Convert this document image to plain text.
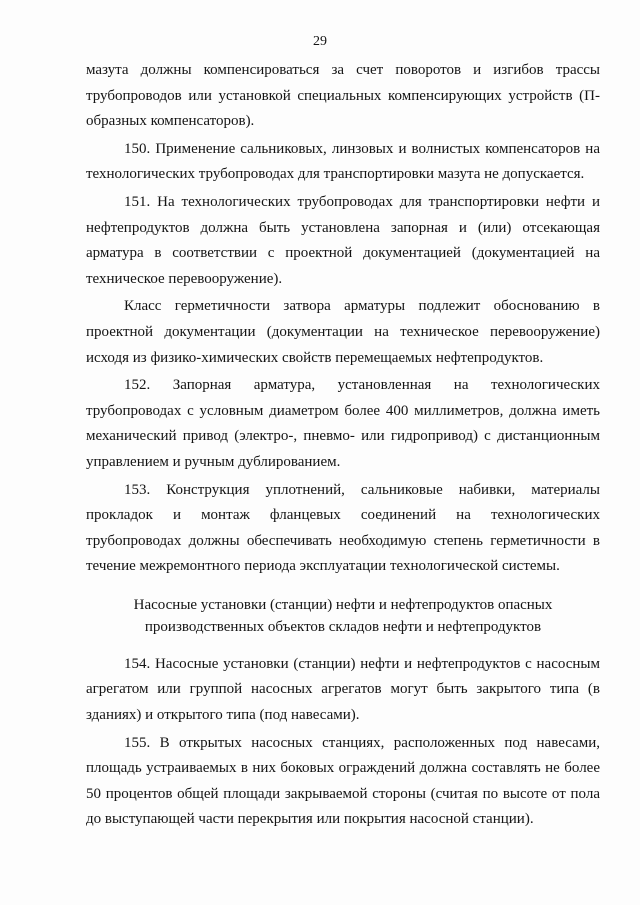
29

мазута должны компенсироваться за счет поворотов и изгибов трассы трубопроводов или установкой специальных компенсирующих устройств (П-образных компенсаторов).

150. Применение сальниковых, линзовых и волнистых компенсаторов на технологических трубопроводах для транспортировки мазута не допускается.

151. На технологических трубопроводах для транспортировки нефти и нефтепродуктов должна быть установлена запорная и (или) отсекающая арматура в соответствии с проектной документацией (документацией на техническое перевооружение).

Класс герметичности затвора арматуры подлежит обоснованию в проектной документации (документации на техническое перевооружение) исходя из физико-химических свойств перемещаемых нефтепродуктов.

152. Запорная арматура, установленная на технологических трубопроводах с условным диаметром более 400 миллиметров, должна иметь механический привод (электро-, пневмо- или гидропривод) с дистанционным управлением и ручным дублированием.

153. Конструкция уплотнений, сальниковые набивки, материалы прокладок и монтаж фланцевых соединений на технологических трубопроводах должны обеспечивать необходимую степень герметичности в течение межремонтного периода эксплуатации технологической системы.

Насосные установки (станции) нефти и нефтепродуктов опасных
производственных объектов складов нефти и нефтепродуктов

154. Насосные установки (станции) нефти и нефтепродуктов с насосным агрегатом или группой насосных агрегатов могут быть закрытого типа (в зданиях) и открытого типа (под навесами).

155. В открытых насосных станциях, расположенных под навесами, площадь устраиваемых в них боковых ограждений должна составлять не более 50 процентов общей площади закрываемой стороны (считая по высоте от пола до выступающей части перекрытия или покрытия насосной станции).
